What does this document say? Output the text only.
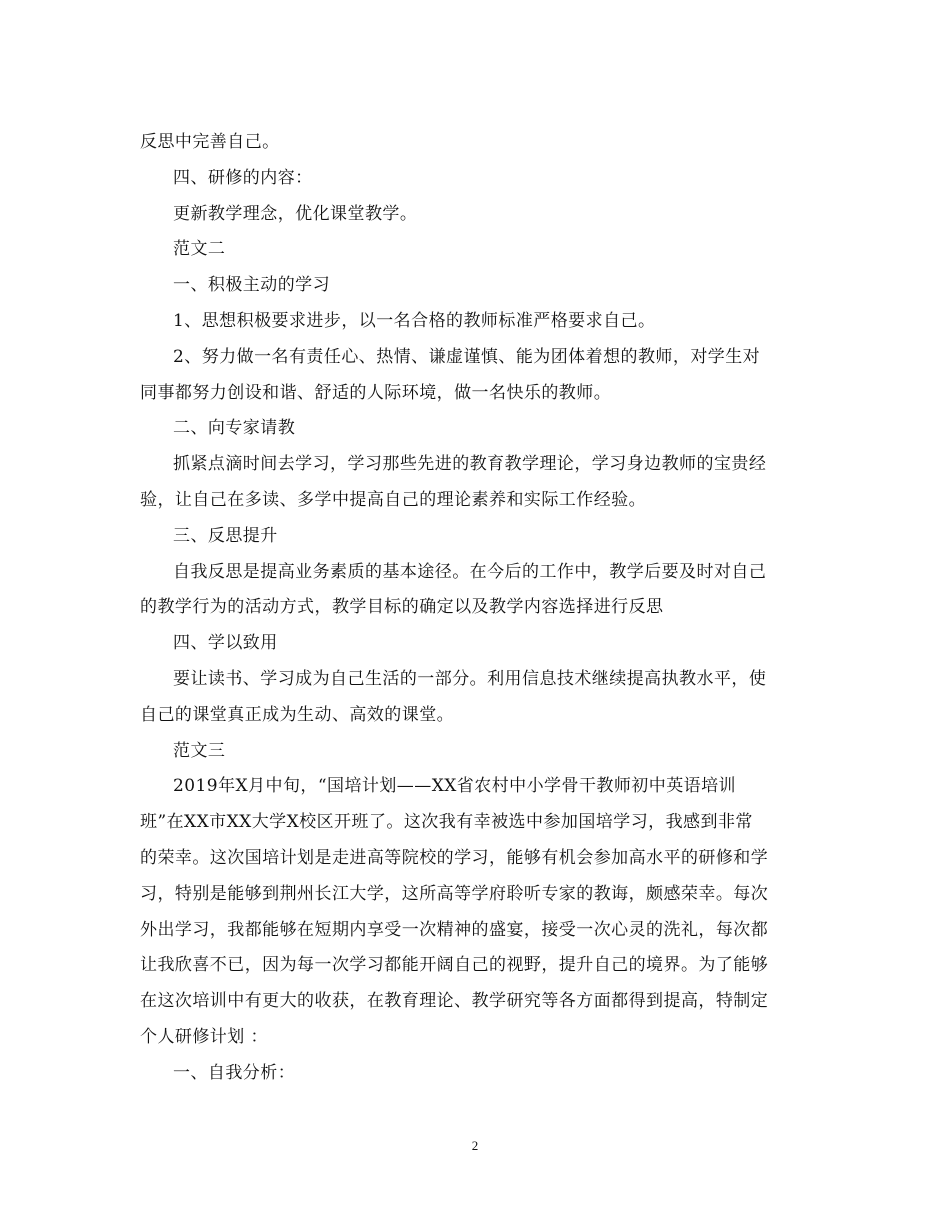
反思中完善自己。

四、研修的内容：

更新教学理念，优化课堂教学。

范文二

一、积极主动的学习

1、思想积极要求进步，以一名合格的教师标准严格要求自己。

2、努力做一名有责任心、热情、谦虚谨慎、能为团体着想的教师，对学生对

同事都努力创设和谐、舒适的人际环境，做一名快乐的教师。

二、向专家请教

抓紧点滴时间去学习，学习那些先进的教育教学理论，学习身边教师的宝贵经

验，让自己在多读、多学中提高自己的理论素养和实际工作经验。

三、反思提升

自我反思是提高业务素质的基本途径。在今后的工作中，教学后要及时对自己

的教学行为的活动方式，教学目标的确定以及教学内容选择进行反思

四、学以致用

要让读书、学习成为自己生活的一部分。利用信息技术继续提高执教水平，使

自己的课堂真正成为生动、高效的课堂。

范文三

2019年X月中旬，“国培计划——XX省农村中小学骨干教师初中英语培训

班”在XX市XX大学X校区开班了。这次我有幸被选中参加国培学习，我感到非常

的荣幸。这次国培计划是走进高等院校的学习，能够有机会参加高水平的研修和学

习，特别是能够到荆州长江大学，这所高等学府聆听专家的教诲，颇感荣幸。每次

外出学习，我都能够在短期内享受一次精神的盛宴，接受一次心灵的洗礼，每次都

让我欣喜不已，因为每一次学习都能开阔自己的视野，提升自己的境界。为了能够

在这次培训中有更大的收获，在教育理论、教学研究等各方面都得到提高，特制定

个人研修计划 ：

一、自我分析：

2
